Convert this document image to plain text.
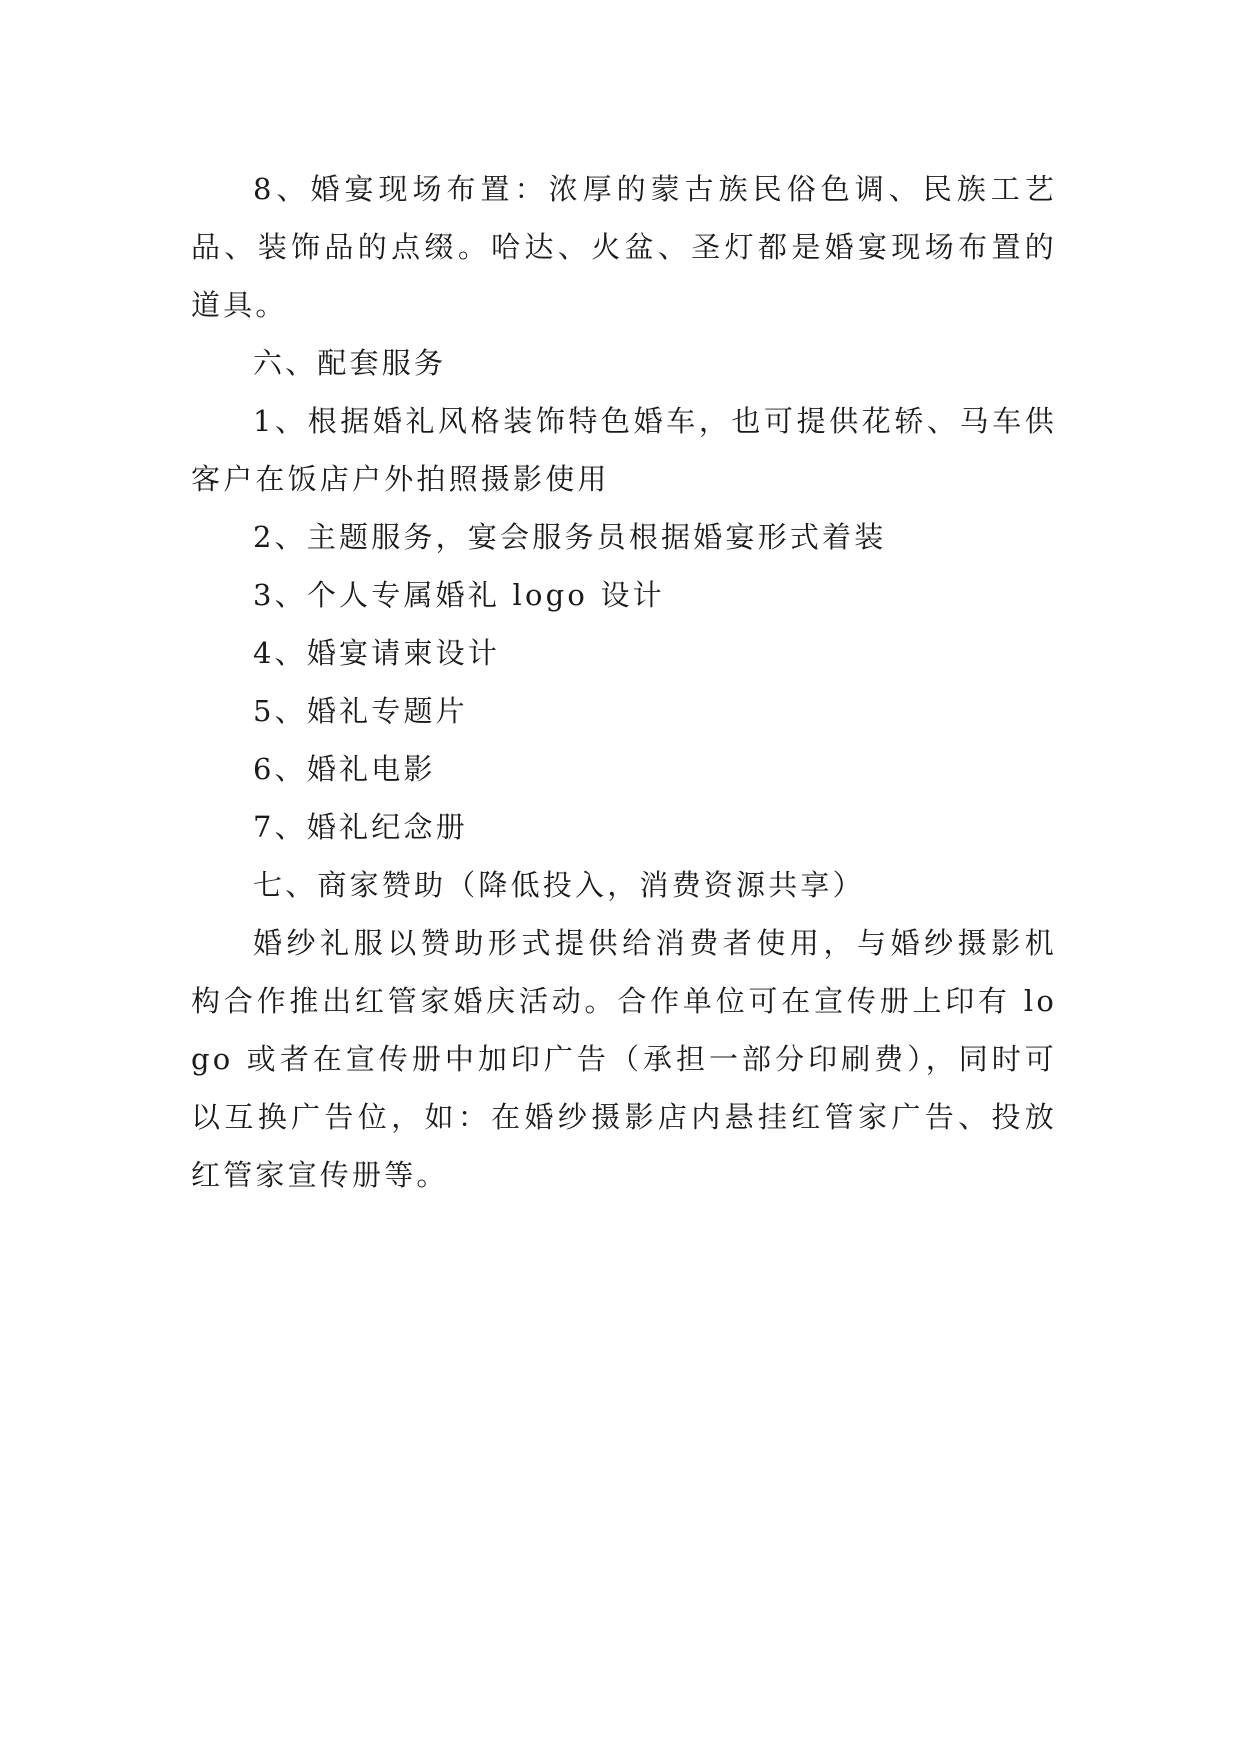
8、婚宴现场布置：浓厚的蒙古族民俗色调、民族工艺品、装饰品的点缀。哈达、火盆、圣灯都是婚宴现场布置的道具。

六、配套服务

1、根据婚礼风格装饰特色婚车，也可提供花轿、马车供客户在饭店户外拍照摄影使用

2、主题服务，宴会服务员根据婚宴形式着装

3、个人专属婚礼 logo 设计

4、婚宴请柬设计

5、婚礼专题片

6、婚礼电影

7、婚礼纪念册

七、商家赞助（降低投入，消费资源共享）

婚纱礼服以赞助形式提供给消费者使用，与婚纱摄影机构合作推出红管家婚庆活动。合作单位可在宣传册上印有 logo 或者在宣传册中加印广告（承担一部分印刷费），同时可以互换广告位，如：在婚纱摄影店内悬挂红管家广告、投放红管家宣传册等。
